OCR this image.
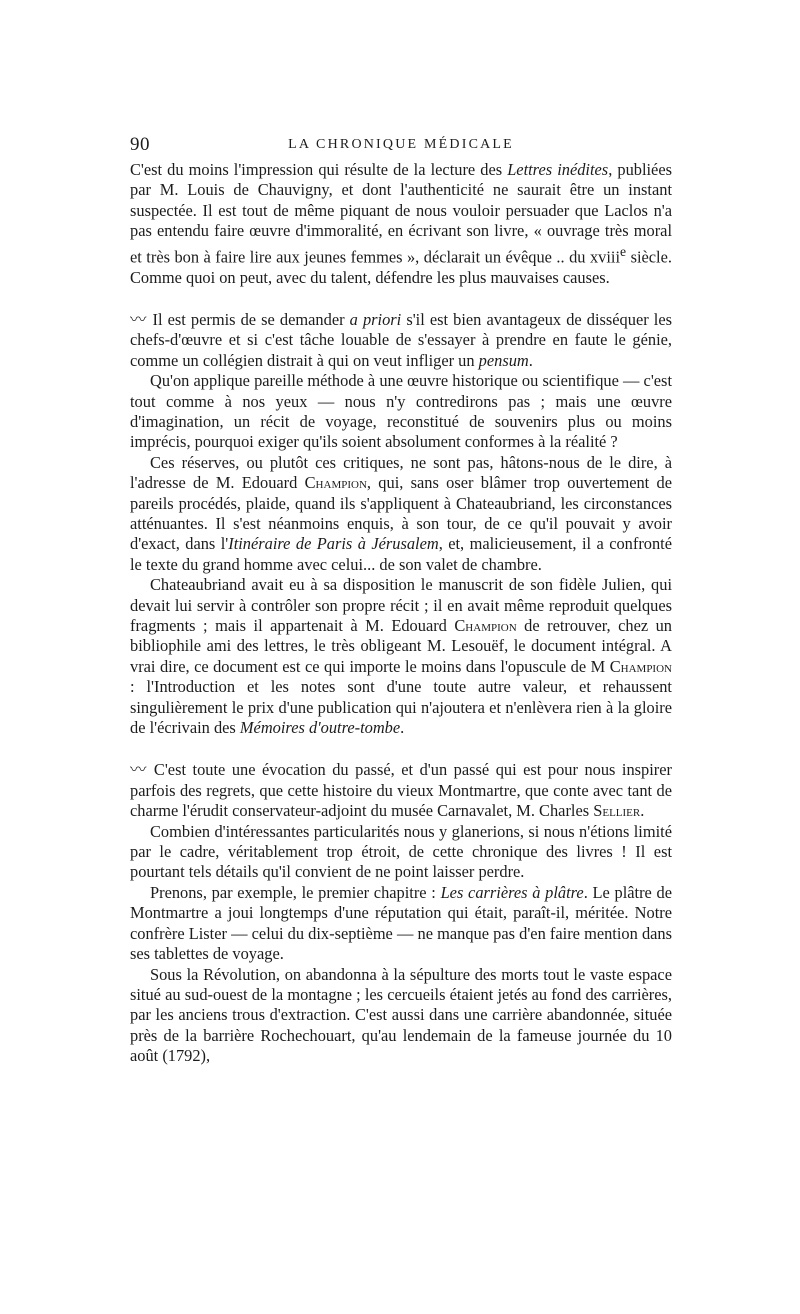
90	LA CHRONIQUE MÉDICALE

C'est du moins l'impression qui résulte de la lecture des Lettres inédites, publiées par M. Louis de Chauvigny, et dont l'authenticité ne saurait être un instant suspectée. Il est tout de même piquant de nous vouloir persuader que Laclos n'a pas entendu faire œuvre d'immoralité, en écrivant son livre, « ouvrage très moral et très bon à faire lire aux jeunes femmes », déclarait un évêque .. du xviii$^e$ siècle. Comme quoi on peut, avec du talent, défendre les plus mauvaises causes.

〰 Il est permis de se demander a priori s'il est bien avantageux de disséquer les chefs-d'œuvre et si c'est tâche louable de s'essayer à prendre en faute le génie, comme un collégien distrait à qui on veut infliger un pensum.

Qu'on applique pareille méthode à une œuvre historique ou scientifique — c'est tout comme à nos yeux — nous n'y contredirons pas ; mais une œuvre d'imagination, un récit de voyage, reconstitué de souvenirs plus ou moins imprécis, pourquoi exiger qu'ils soient absolument conformes à la réalité ?

Ces réserves, ou plutôt ces critiques, ne sont pas, hâtons-nous de le dire, à l'adresse de M. Edouard Champion, qui, sans oser blâmer trop ouvertement de pareils procédés, plaide, quand ils s'appliquent à Chateaubriand, les circonstances atténuantes. Il s'est néanmoins enquis, à son tour, de ce qu'il pouvait y avoir d'exact, dans l'Itinéraire de Paris à Jérusalem, et, malicieusement, il a confronté le texte du grand homme avec celui... de son valet de chambre.

Chateaubriand avait eu à sa disposition le manuscrit de son fidèle Julien, qui devait lui servir à contrôler son propre récit ; il en avait même reproduit quelques fragments ; mais il appartenait à M. Edouard Champion de retrouver, chez un bibliophile ami des lettres, le très obligeant M. Lesouëf, le document intégral. A vrai dire, ce document est ce qui importe le moins dans l'opuscule de M Champion : l'Introduction et les notes sont d'une toute autre valeur, et rehaussent singulièrement le prix d'une publication qui n'ajoutera et n'enlèvera rien à la gloire de l'écrivain des Mémoires d'outre-tombe.

〰 C'est toute une évocation du passé, et d'un passé qui est pour nous inspirer parfois des regrets, que cette histoire du vieux Montmartre, que conte avec tant de charme l'érudit conservateur-adjoint du musée Carnavalet, M. Charles Sellier.

Combien d'intéressantes particularités nous y glanerions, si nous n'étions limité par le cadre, véritablement trop étroit, de cette chronique des livres ! Il est pourtant tels détails qu'il convient de ne point laisser perdre.

Prenons, par exemple, le premier chapitre : Les carrières à plâtre. Le plâtre de Montmartre a joui longtemps d'une réputation qui était, paraît-il, méritée. Notre confrère Lister — celui du dix-septième — ne manque pas d'en faire mention dans ses tablettes de voyage.

Sous la Révolution, on abandonna à la sépulture des morts tout le vaste espace situé au sud-ouest de la montagne ; les cercueils étaient jetés au fond des carrières, par les anciens trous d'extraction. C'est aussi dans une carrière abandonnée, située près de la barrière Rochechouart, qu'au lendemain de la fameuse journée du 10 août (1792),
